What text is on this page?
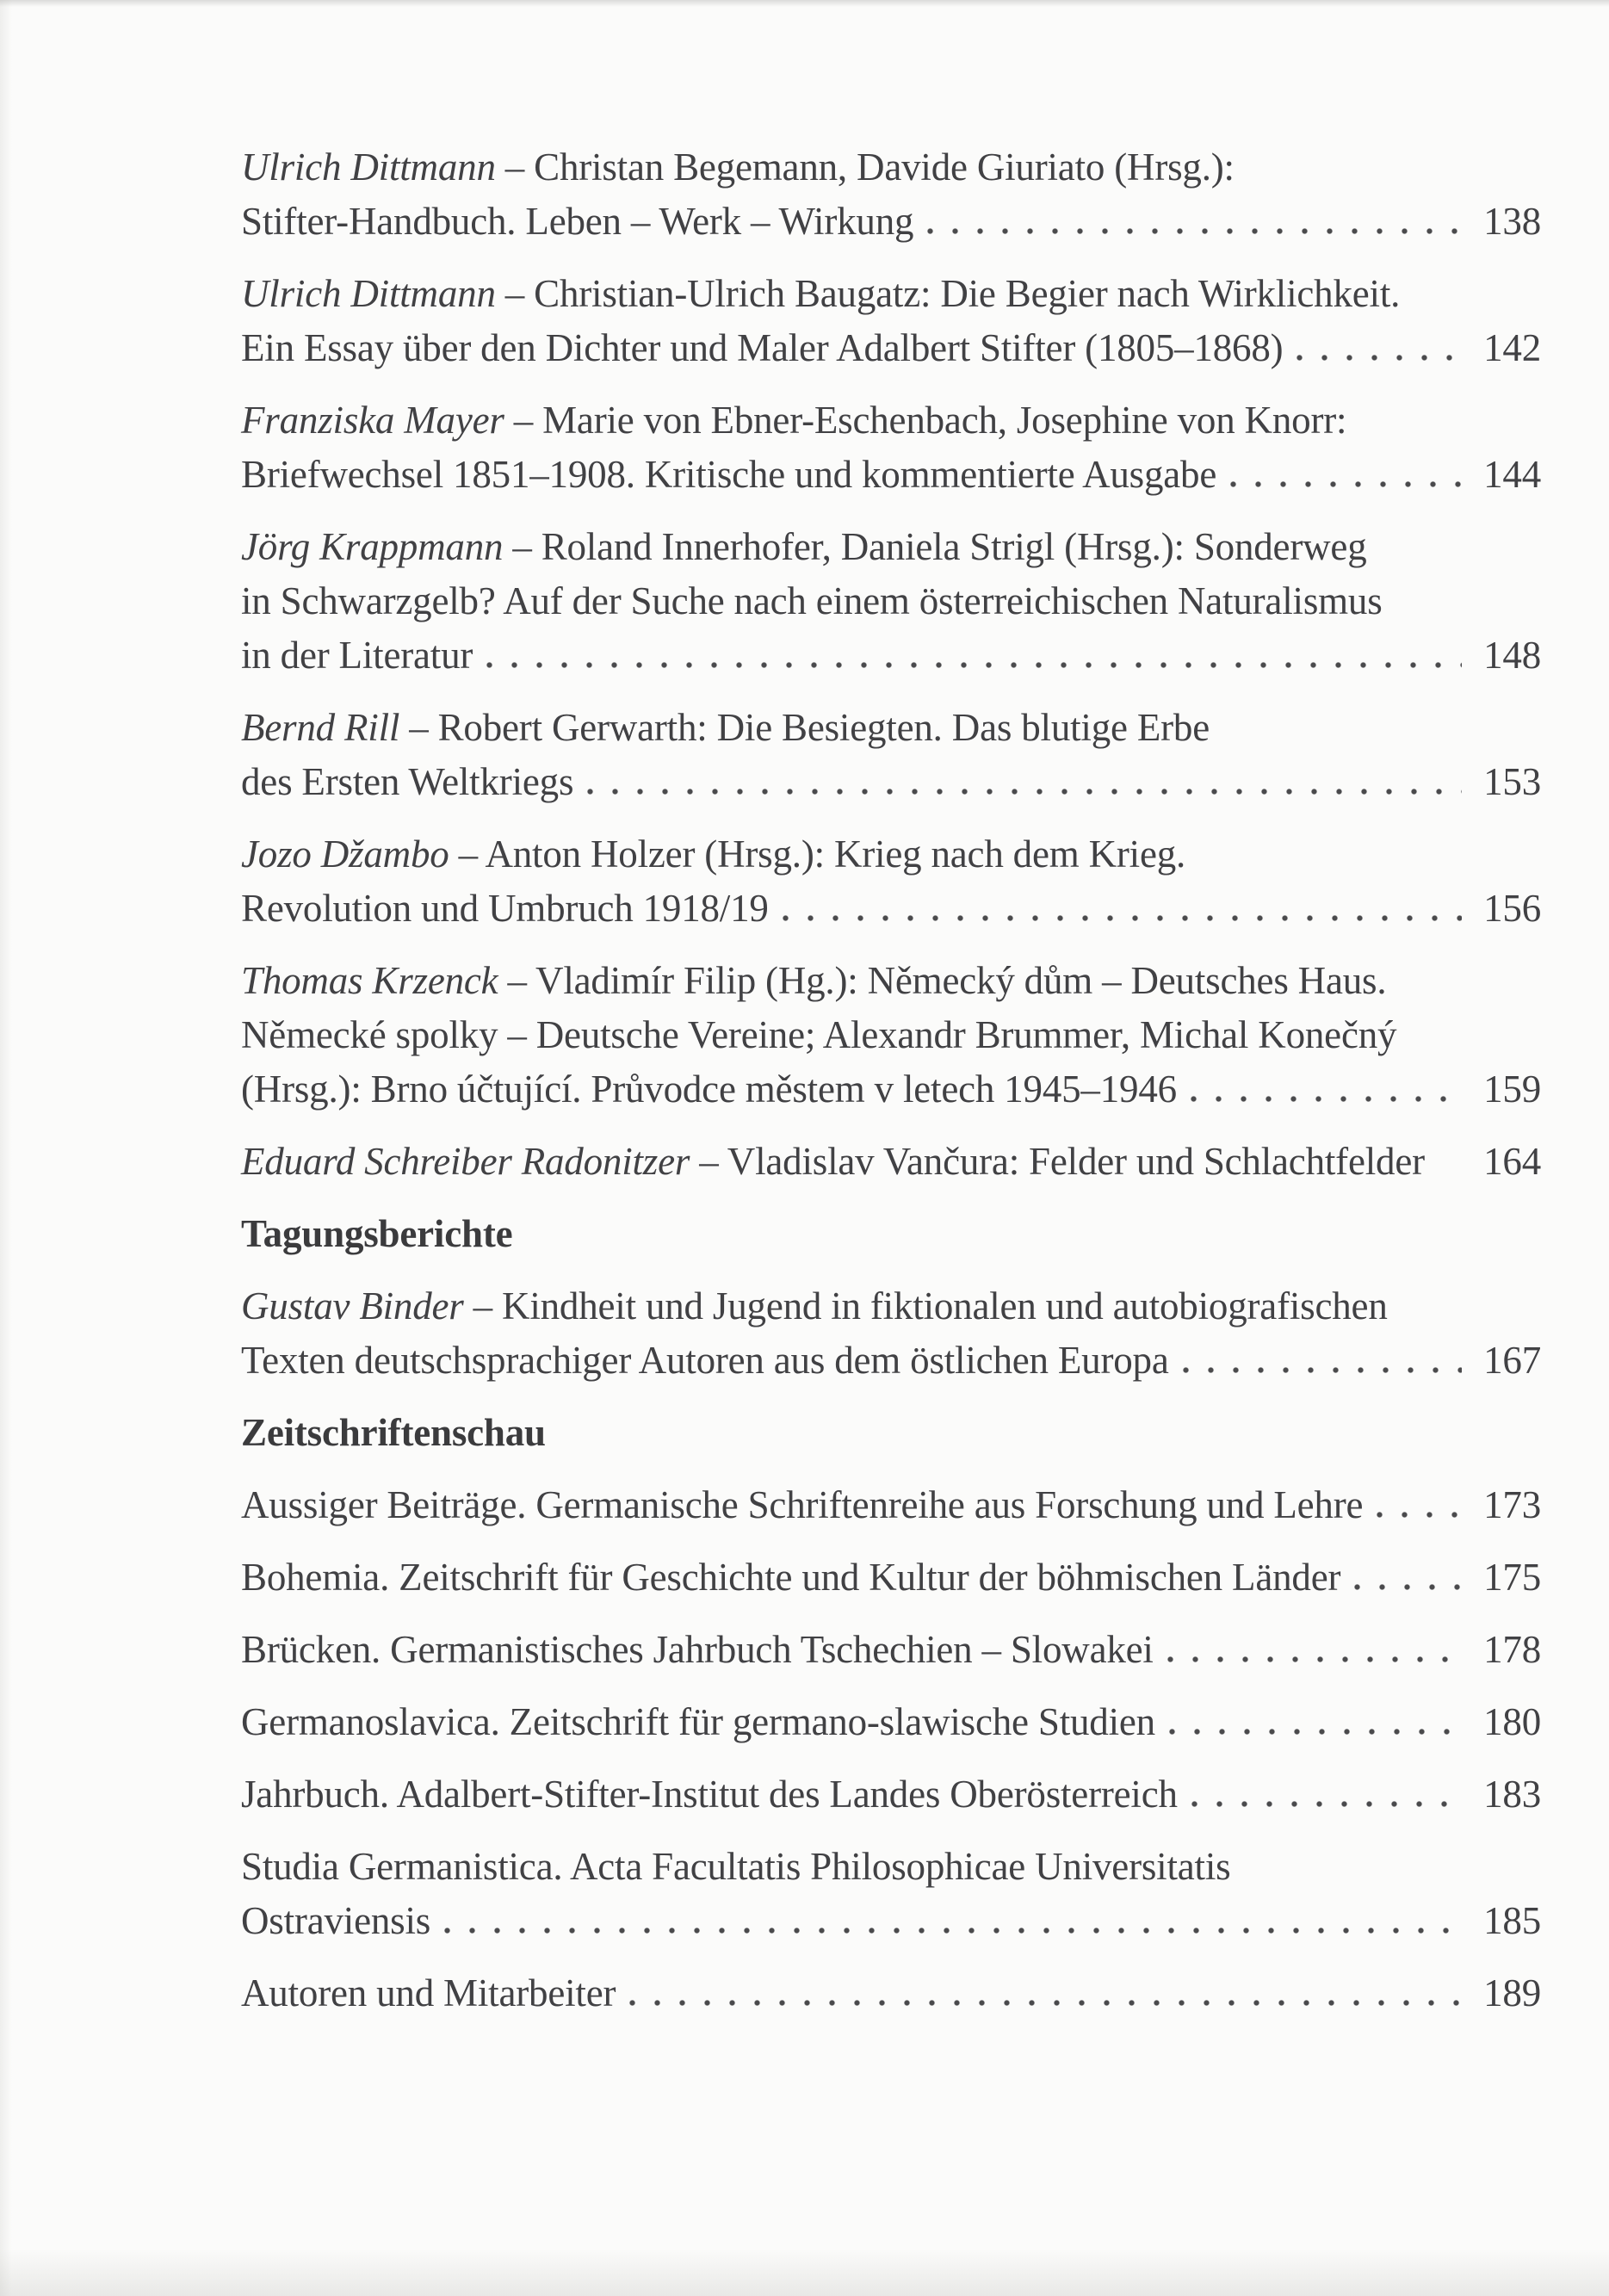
Ulrich Dittmann – Christan Begemann, Davide Giuriato (Hrsg.):
Stifter-Handbuch. Leben – Werk – Wirkung	138
Ulrich Dittmann – Christian-Ulrich Baugatz: Die Begier nach Wirklichkeit.
Ein Essay über den Dichter und Maler Adalbert Stifter (1805–1868)	142
Franziska Mayer – Marie von Ebner-Eschenbach, Josephine von Knorr:
Briefwechsel 1851–1908. Kritische und kommentierte Ausgabe	144
Jörg Krappmann – Roland Innerhofer, Daniela Strigl (Hrsg.): Sonderweg
in Schwarzgelb? Auf der Suche nach einem österreichischen Naturalismus
in der Literatur	148
Bernd Rill – Robert Gerwarth: Die Besiegten. Das blutige Erbe
des Ersten Weltkriegs	153
Jozo Džambo – Anton Holzer (Hrsg.): Krieg nach dem Krieg.
Revolution und Umbruch 1918/19	156
Thomas Krzenck – Vladimír Filip (Hg.): Německý dům – Deutsches Haus.
Německé spolky – Deutsche Vereine; Alexandr Brummer, Michal Konečný
(Hrsg.): Brno účtující. Průvodce městem v letech 1945–1946	159
Eduard Schreiber Radonitzer – Vladislav Vančura: Felder und Schlachtfelder 164
Tagungsberichte
Gustav Binder – Kindheit und Jugend in fiktionalen und autobiografischen
Texten deutschsprachiger Autoren aus dem östlichen Europa	167
Zeitschriftenschau
Aussiger Beiträge. Germanische Schriftenreihe aus Forschung und Lehre	173
Bohemia. Zeitschrift für Geschichte und Kultur der böhmischen Länder	175
Brücken. Germanistisches Jahrbuch Tschechien – Slowakei	178
Germanoslavica. Zeitschrift für germano-slawische Studien	180
Jahrbuch. Adalbert-Stifter-Institut des Landes Oberösterreich	183
Studia Germanistica. Acta Facultatis Philosophicae Universitatis
Ostraviensis	185
Autoren und Mitarbeiter	189
